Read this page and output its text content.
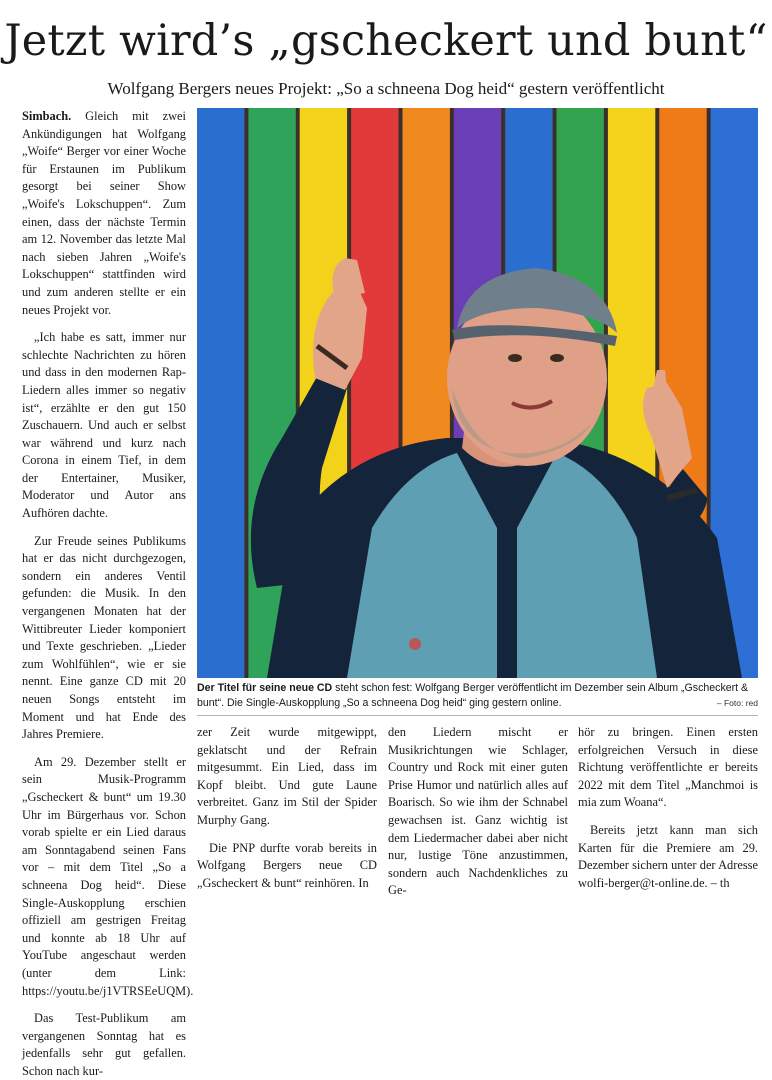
Jetzt wird’s „gscheckert und bunt“
Wolfgang Bergers neues Projekt: „So a schneena Dog heid“ gestern veröffentlicht

Simbach. Gleich mit zwei Ankündigungen hat Wolfgang „Woife“ Berger vor einer Woche für Erstaunen im Publikum gesorgt bei seiner Show „Woife's Lokschuppen“. Zum einen, dass der nächste Termin am 12. November das letzte Mal nach sieben Jahren „Woife's Lokschuppen“ stattfinden wird und zum anderen stellte er ein neues Projekt vor.

„Ich habe es satt, immer nur schlechte Nachrichten zu hören und dass in den modernen Rap-Liedern alles immer so negativ ist“, erzählte er den gut 150 Zuschauern. Und auch er selbst war während und kurz nach Corona in einem Tief, in dem der Entertainer, Musiker, Moderator und Autor ans Aufhören dachte.

Zur Freude seines Publikums hat er das nicht durchgezogen, sondern ein anderes Ventil gefunden: die Musik. In den vergangenen Monaten hat der Wittibreuter Lieder komponiert und Texte geschrieben. „Lieder zum Wohlfühlen“, wie er sie nennt. Eine ganze CD mit 20 neuen Songs entsteht im Moment und hat Ende des Jahres Premiere.

Am 29. Dezember stellt er sein Musik-Programm „Gscheckert & bunt“ um 19.30 Uhr im Bürgerhaus vor. Schon vorab spielte er ein Lied daraus am Sonntagabend seinen Fans vor – mit dem Titel „So a schneena Dog heid“. Diese Single-Auskopplung erschien offiziell am gestrigen Freitag und konnte ab 18 Uhr auf YouTube angeschaut werden (unter dem Link: https://youtu.be/j1VTRSEeUQM).

Das Test-Publikum am vergangenen Sonntag hat es jedenfalls sehr gut gefallen. Schon nach kur-

Der Titel für seine neue CD steht schon fest: Wolfgang Berger veröffentlicht im Dezember sein Album „Gscheckert & bunt“. Die Single-Auskopplung „So a schneena Dog heid“ ging gestern online.	– Foto: red

zer Zeit wurde mitgewippt, geklatscht und der Refrain mitgesummt. Ein Lied, dass im Kopf bleibt. Und gute Laune verbreitet. Ganz im Stil der Spider Murphy Gang.

Die PNP durfte vorab bereits in Wolfgang Bergers neue CD „Gscheckert & bunt“ reinhören. In

den Liedern mischt er Musikrichtungen wie Schlager, Country und Rock mit einer guten Prise Humor und natürlich alles auf Boarisch. So wie ihm der Schnabel gewachsen ist. Ganz wichtig ist dem Liedermacher dabei aber nicht nur, lustige Töne anzustimmen, sondern auch Nachdenkliches zu Ge-

hör zu bringen. Einen ersten erfolgreichen Versuch in diese Richtung veröffentlichte er bereits 2022 mit dem Titel „Manchmoi is mia zum Woana“.

Bereits jetzt kann man sich Karten für die Premiere am 29. Dezember sichern unter der Adresse wolfi-berger@t-online.de. – th
